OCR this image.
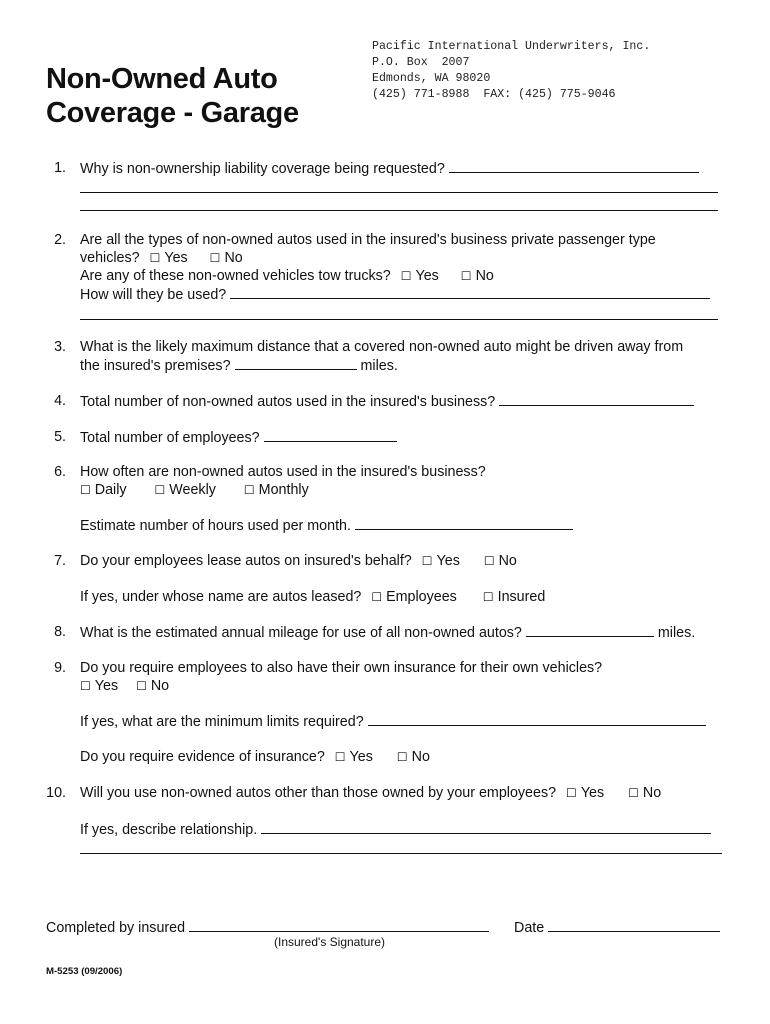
Non-Owned Auto
Coverage - Garage
Pacific International Underwriters, Inc.
P.O. Box  2007
Edmonds, WA 98020
(425) 771-8988  FAX: (425) 775-9046
1. Why is non-ownership liability coverage being requested?
2. Are all the types of non-owned autos used in the insured's business private passenger type
vehicles? ☐ Yes ☐ No
Are any of these non-owned vehicles tow trucks? ☐ Yes ☐ No
How will they be used?
3. What is the likely maximum distance that a covered non-owned auto might be driven away from
the insured's premises?	miles.
4. Total number of non-owned autos used in the insured's business?
5. Total number of employees?
6. How often are non-owned autos used in the insured's business?
☐ Daily ☐ Weekly ☐ Monthly
Estimate number of hours used per month.
7. Do your employees lease autos on insured's behalf? ☐ Yes ☐ No
If yes, under whose name are autos leased? ☐ Employees ☐ Insured
8. What is the estimated annual mileage for use of all non-owned autos?	miles.
9. Do you require employees to also have their own insurance for their own vehicles?
☐ Yes ☐ No
If yes, what are the minimum limits required?
Do you require evidence of insurance? ☐ Yes ☐ No
10. Will you use non-owned autos other than those owned by your employees? ☐ Yes ☐ No
If yes, describe relationship.
Completed by insured	Date
(Insured's Signature)
M-5253 (09/2006)
